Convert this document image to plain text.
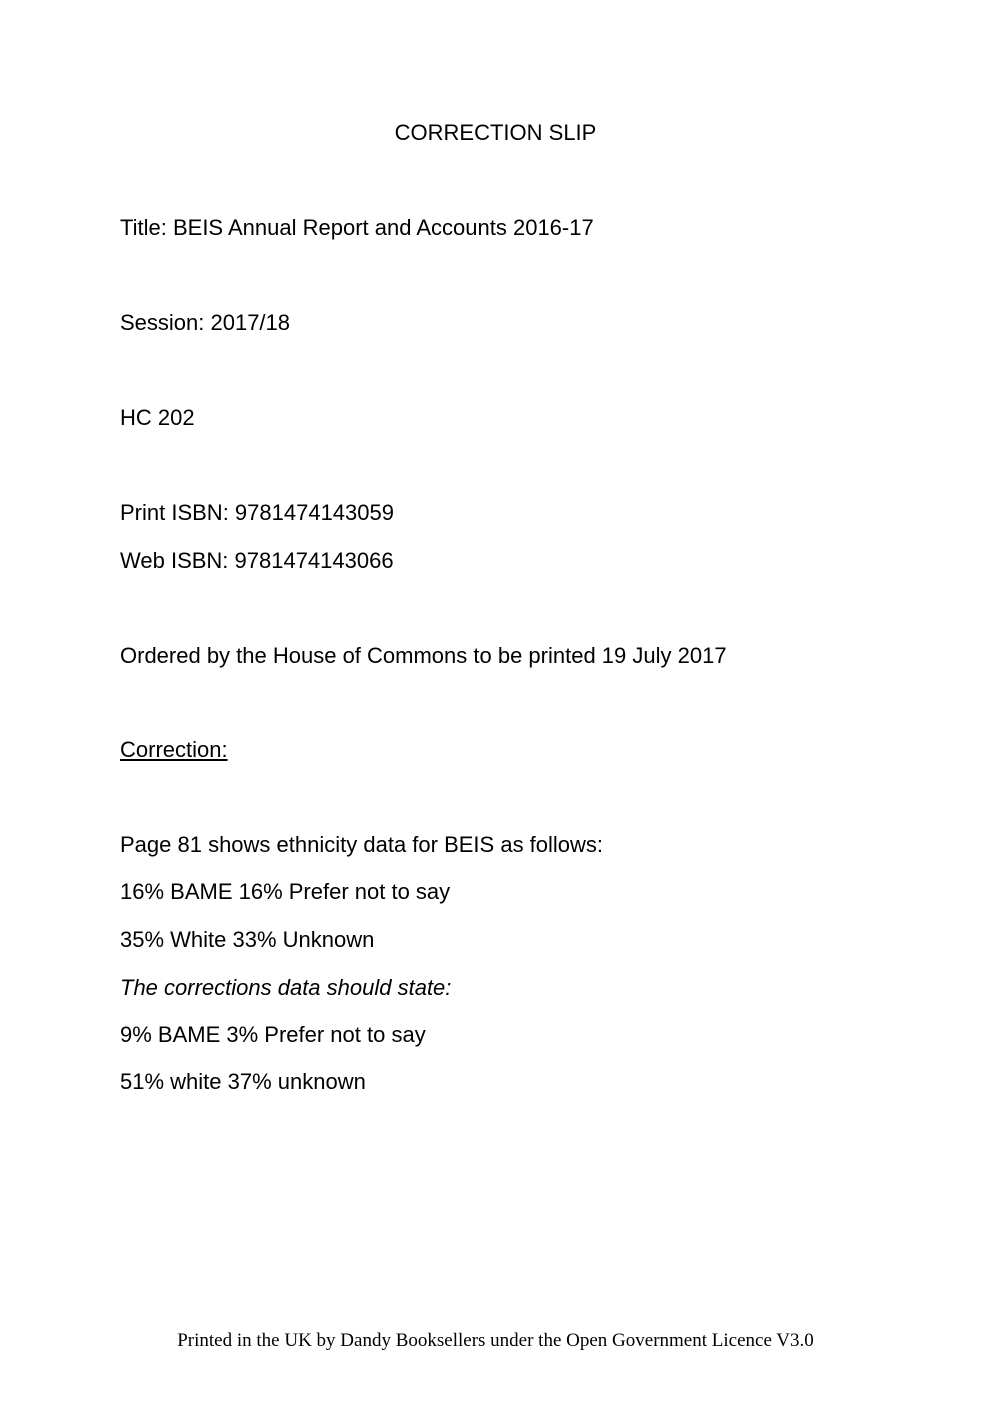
CORRECTION SLIP
Title: BEIS Annual Report and Accounts 2016-17
Session: 2017/18
HC 202
Print ISBN: 9781474143059
Web ISBN: 9781474143066
Ordered by the House of Commons to be printed 19 July 2017
Correction:
Page 81 shows ethnicity data for BEIS as follows:
16% BAME 16% Prefer not to say
35% White 33% Unknown
The corrections data should state:
9% BAME 3% Prefer not to say
51% white 37% unknown
Printed in the UK by Dandy Booksellers under the Open Government Licence V3.0
